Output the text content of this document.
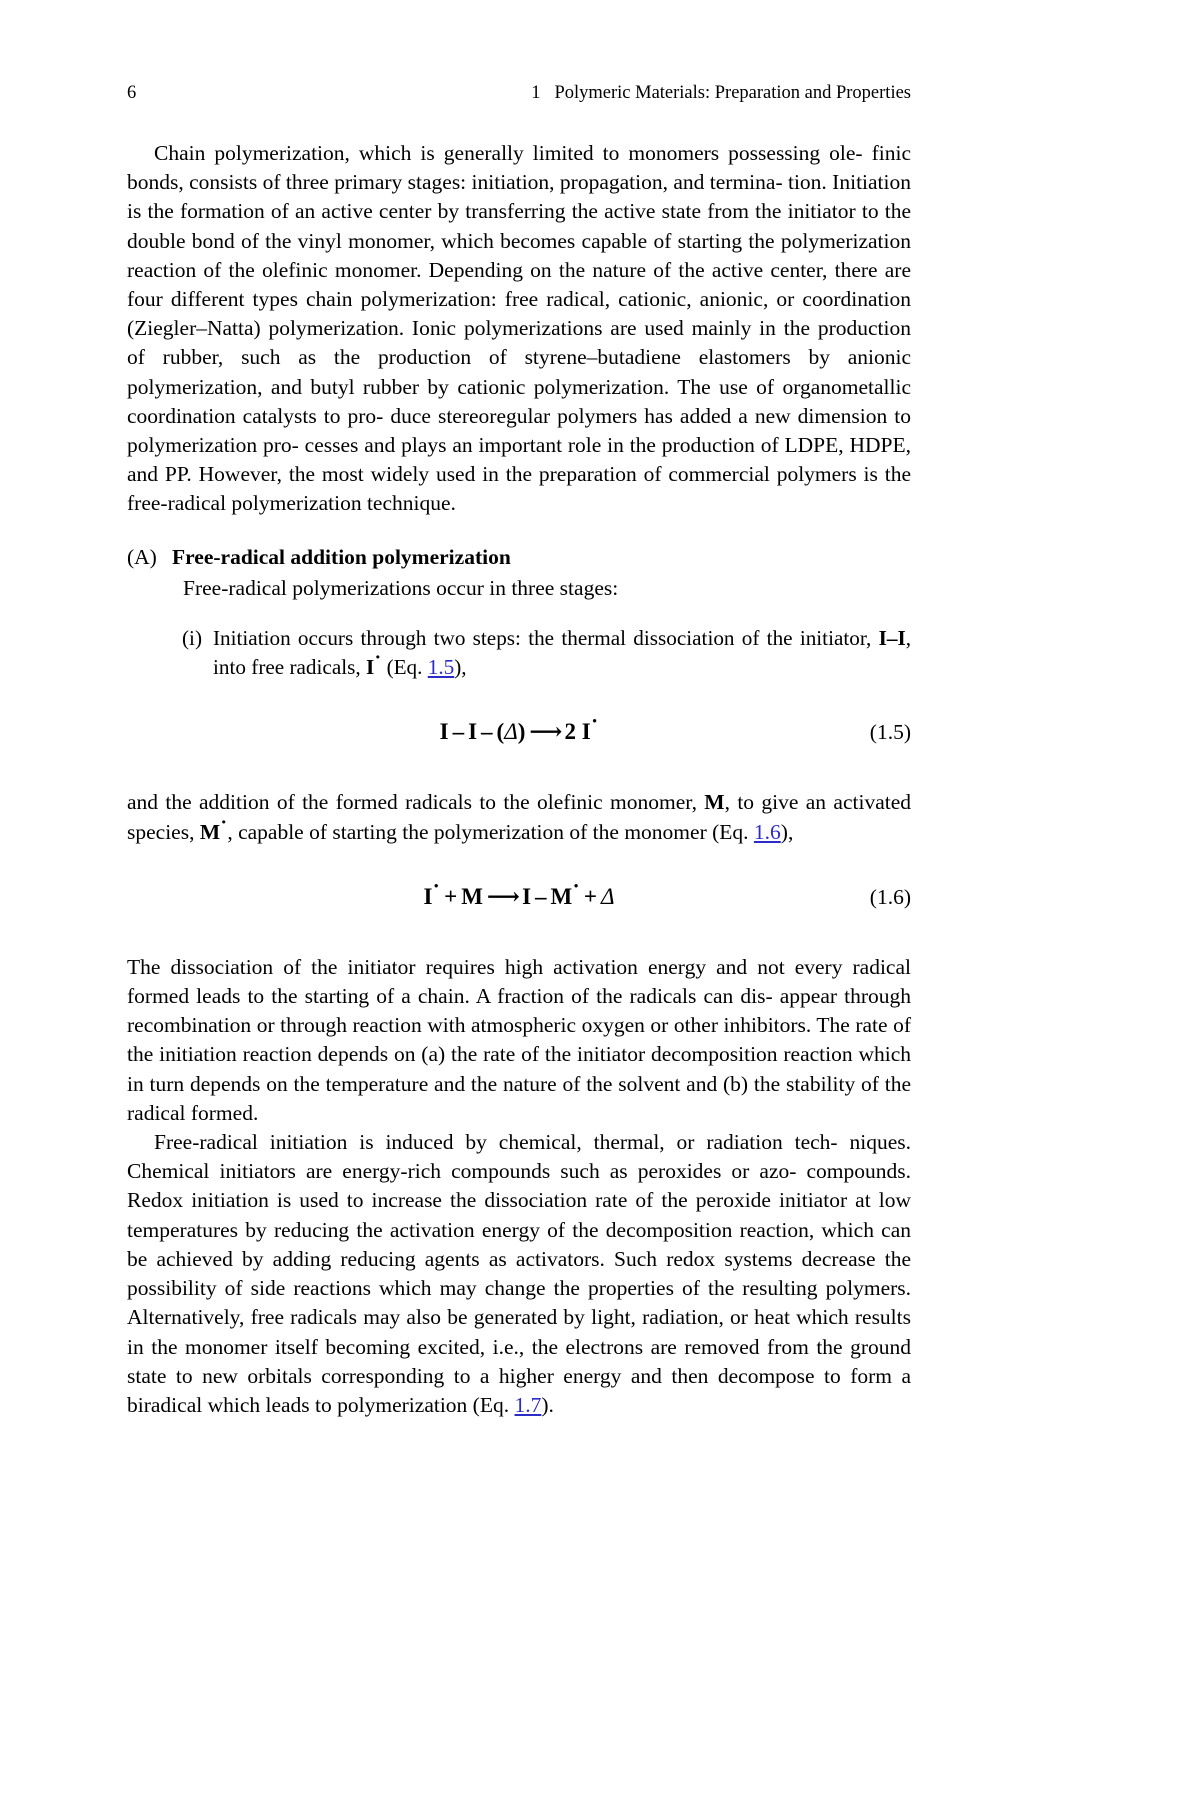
6	1 Polymeric Materials: Preparation and Properties

Chain polymerization, which is generally limited to monomers possessing ole- finic bonds, consists of three primary stages: initiation, propagation, and termina- tion. Initiation is the formation of an active center by transferring the active state from the initiator to the double bond of the vinyl monomer, which becomes capable of starting the polymerization reaction of the olefinic monomer. Depending on the nature of the active center, there are four different types chain polymerization: free radical, cationic, anionic, or coordination (Ziegler–Natta) polymerization. Ionic polymerizations are used mainly in the production of rubber, such as the production of styrene–butadiene elastomers by anionic polymerization, and butyl rubber by cationic polymerization. The use of organometallic coordination catalysts to pro- duce stereoregular polymers has added a new dimension to polymerization pro- cesses and plays an important role in the production of LDPE, HDPE, and PP. However, the most widely used in the preparation of commercial polymers is the free-radical polymerization technique.

(A) Free-radical addition polymerization
Free-radical polymerizations occur in three stages:
(i) Initiation occurs through two steps: the thermal dissociation of the initiator, I–I, into free radicals, I ˙ (Eq. 1.5),
I – I – (Δ) ⟶ 2 I ˙	(1.5)

and the addition of the formed radicals to the olefinic monomer, M, to give an activated species, M ˙ , capable of starting the polymerization of the monomer (Eq. 1.6),

I ˙ + M ⟶ I – M ˙ + Δ	(1.6)

The dissociation of the initiator requires high activation energy and not every radical formed leads to the starting of a chain. A fraction of the radicals can dis- appear through recombination or through reaction with atmospheric oxygen or other inhibitors. The rate of the initiation reaction depends on (a) the rate of the initiator decomposition reaction which in turn depends on the temperature and the nature of the solvent and (b) the stability of the radical formed.

Free-radical initiation is induced by chemical, thermal, or radiation tech- niques. Chemical initiators are energy-rich compounds such as peroxides or azo- compounds. Redox initiation is used to increase the dissociation rate of the peroxide initiator at low temperatures by reducing the activation energy of the decomposition reaction, which can be achieved by adding reducing agents as activators. Such redox systems decrease the possibility of side reactions which may change the properties of the resulting polymers. Alternatively, free radicals may also be generated by light, radiation, or heat which results in the monomer itself becoming excited, i.e., the electrons are removed from the ground state to new orbitals corresponding to a higher energy and then decompose to form a biradical which leads to polymerization (Eq. 1.7).
